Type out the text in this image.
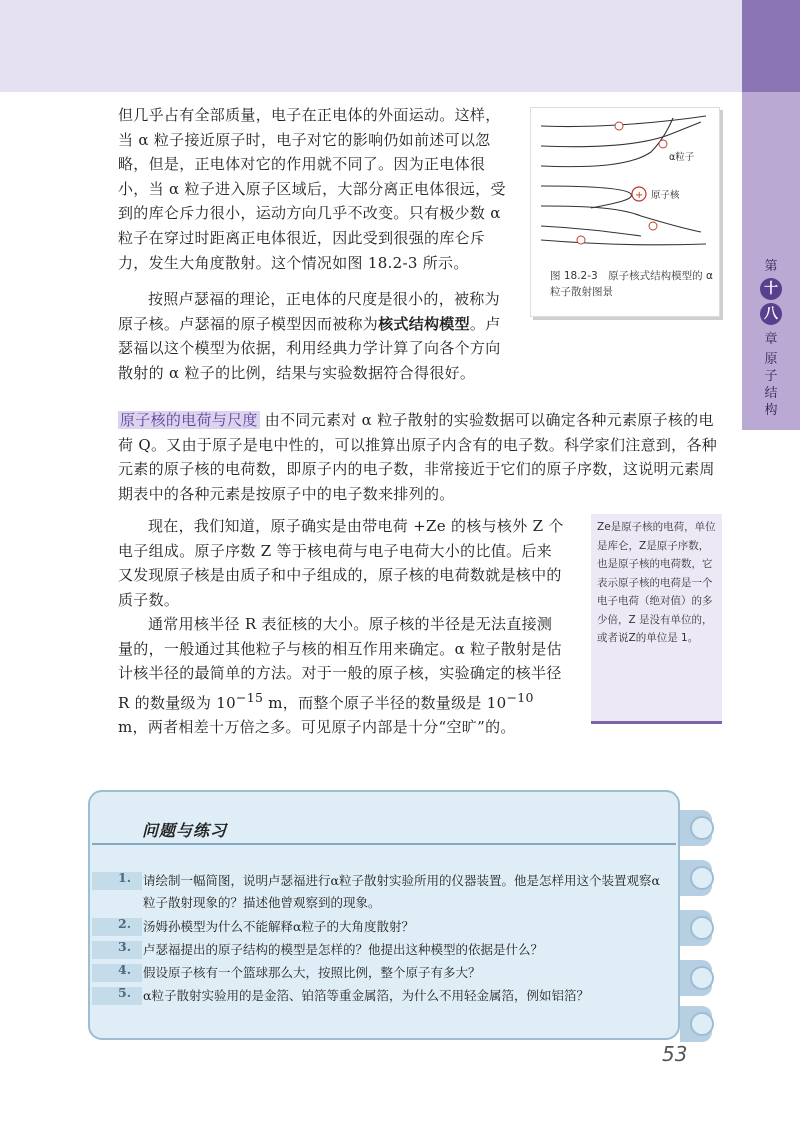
第
十
八
章
原
子
结
构
但几乎占有全部质量，电子在正电体的外面运动。这样，当 α 粒子接近原子时，电子对它的影响仍如前述可以忽略，但是，正电体对它的作用就不同了。因为正电体很小，当 α 粒子进入原子区域后，大部分离正电体很远，受到的库仑斥力很小，运动方向几乎不改变。只有极少数 α 粒子在穿过时距离正电体很近，因此受到很强的库仑斥力，发生大角度散射。这个情况如图 18.2-3 所示。
按照卢瑟福的理论，正电体的尺度是很小的，被称为原子核。卢瑟福的原子模型因而被称为核式结构模型。卢瑟福以这个模型为依据，利用经典力学计算了向各个方向散射的 α 粒子的比例，结果与实验数据符合得很好。
原子核的电荷与尺度 由不同元素对 α 粒子散射的实验数据可以确定各种元素原子核的电荷 Q。又由于原子是电中性的，可以推算出原子内含有的电子数。科学家们注意到，各种元素的原子核的电荷数，即原子内的电子数，非常接近于它们的原子序数，这说明元素周期表中的各种元素是按原子中的电子数来排列的。
现在，我们知道，原子确实是由带电荷 +Ze 的核与核外 Z 个电子组成。原子序数 Z 等于核电荷与电子电荷大小的比值。后来又发现原子核是由质子和中子组成的，原子核的电荷数就是核中的质子数。
通常用核半径 R 表征核的大小。原子核的半径是无法直接测量的，一般通过其他粒子与核的相互作用来确定。α 粒子散射是估计核半径的最简单的方法。对于一般的原子核，实验确定的核半径 R 的数量级为 $10^{-15}$ m，而整个原子半径的数量级是 $10^{-10}$ m，两者相差十万倍之多。可见原子内部是十分“空旷”的。
+
α粒子
原子核
图 18.2-3　原子核式结构模型的 α 粒子散射图景
Ze是原子核的电荷，单位是库仑，Z是原子序数，也是原子核的电荷数，它表示原子核的电荷是一个电子电荷（绝对值）的多少倍，Z 是没有单位的，或者说Z的单位是 1。
问题与练习
1. 请绘制一幅简图，说明卢瑟福进行α粒子散射实验所用的仪器装置。他是怎样用这个装置观察α粒子散射现象的？描述他曾观察到的现象。
2. 汤姆孙模型为什么不能解释α粒子的大角度散射？
3. 卢瑟福提出的原子结构的模型是怎样的？他提出这种模型的依据是什么？
4. 假设原子核有一个篮球那么大，按照比例，整个原子有多大？
5. α粒子散射实验用的是金箔、铂箔等重金属箔，为什么不用轻金属箔，例如铝箔？
53
